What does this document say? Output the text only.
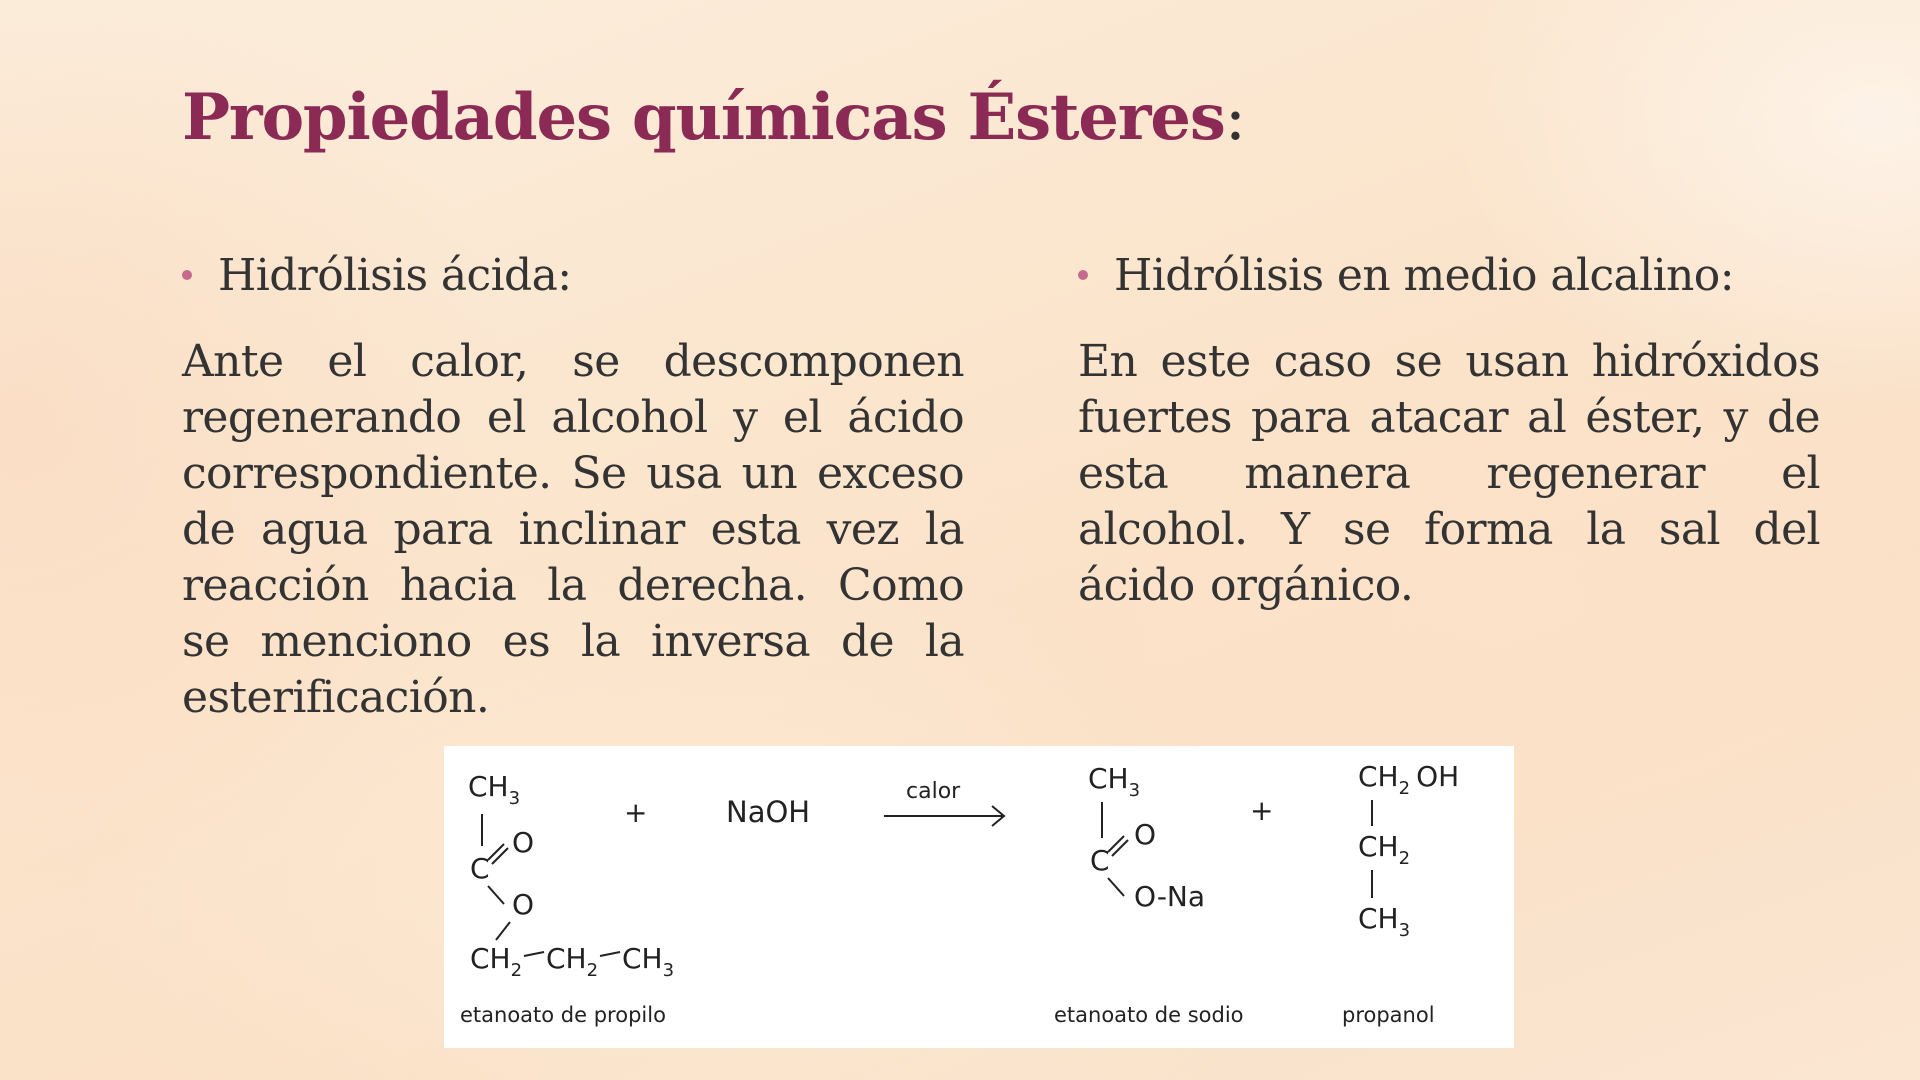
Propiedades químicas Ésteres:
Hidrólisis ácida:
Ante el calor, se descomponen regenerando el alcohol y el ácido correspondiente. Se usa un exceso de agua para inclinar esta vez la reacción hacia la derecha. Como se menciono es la inversa de la esterificación.
Hidrólisis en medio alcalino:
En este caso se usan hidróxidos fuertes para atacar al éster, y de esta manera regenerar el alcohol. Y se forma la sal del ácido orgánico.
$CH_3$
C
O
O
$CH_2$ $CH_2$ $CH_3$
etanoato de propilo
+	NaOH
calor	$CH_3$
C
O
O-Na
etanoato de sodio
+
$CH_2$ OH
$CH_2$
$CH_3$
propanol
